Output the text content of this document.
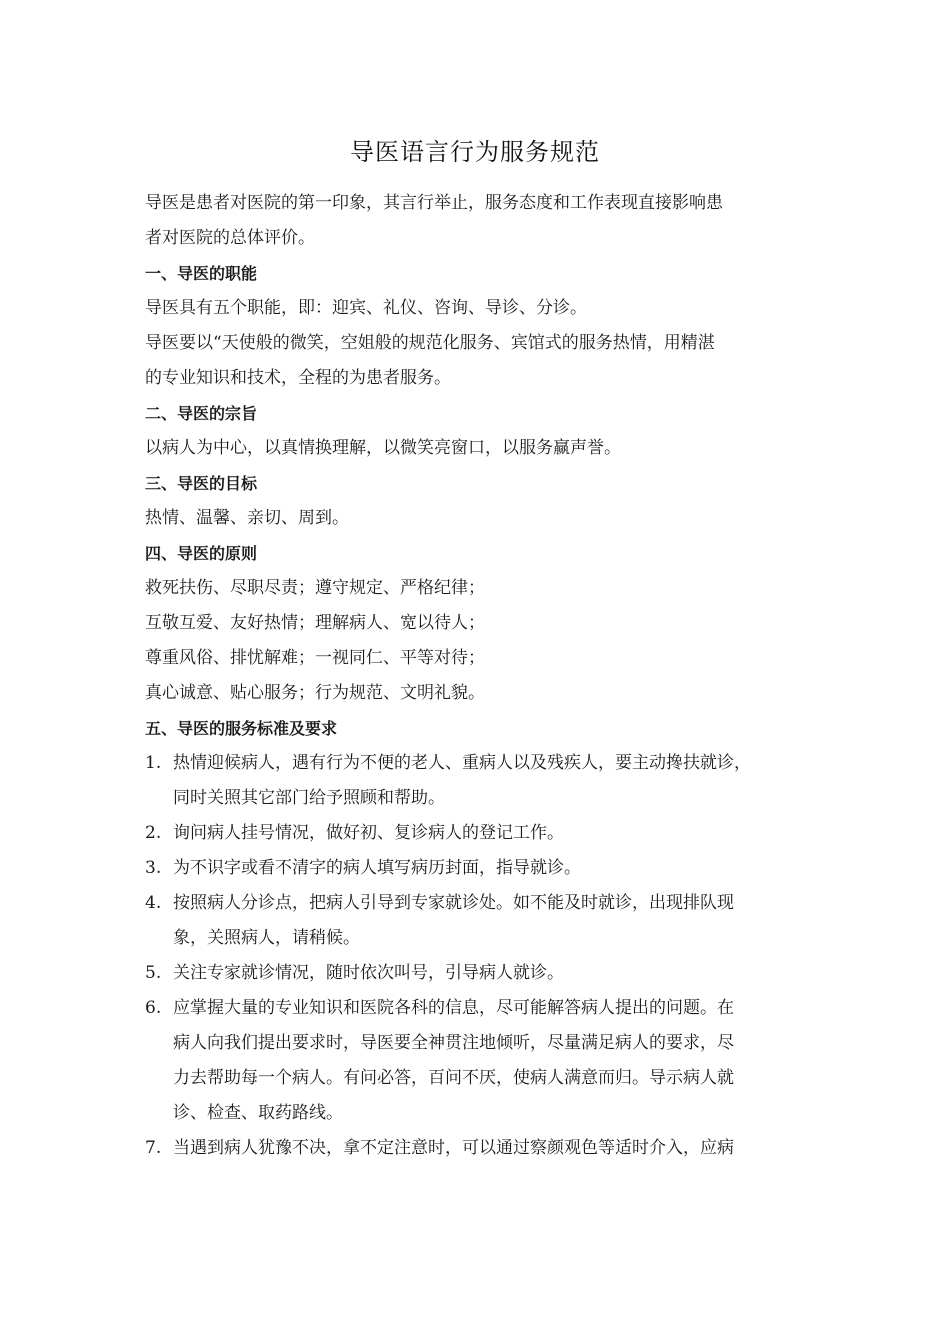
导医语言行为服务规范
导医是患者对医院的第一印象，其言行举止，服务态度和工作表现直接影响患
者对医院的总体评价。
一、导医的职能
导医具有五个职能，即：迎宾、礼仪、咨询、导诊、分诊。
导医要以“天使般的微笑，空姐般的规范化服务、宾馆式的服务热情，用精湛
的专业知识和技术，全程的为患者服务。
二、导医的宗旨
以病人为中心，以真情换理解，以微笑亮窗口，以服务赢声誉。
三、导医的目标
热情、温馨、亲切、周到。
四、导医的原则
救死扶伤、尽职尽责；遵守规定、严格纪律；
互敬互爱、友好热情；理解病人、宽以待人；
尊重风俗、排忧解难；一视同仁、平等对待；
真心诚意、贴心服务；行为规范、文明礼貌。
五、导医的服务标准及要求
1. 热情迎候病人，遇有行为不便的老人、重病人以及残疾人，要主动搀扶就诊，
同时关照其它部门给予照顾和帮助。
2. 询问病人挂号情况，做好初、复诊病人的登记工作。
3. 为不识字或看不清字的病人填写病历封面，指导就诊。
4. 按照病人分诊点，把病人引导到专家就诊处。如不能及时就诊，出现排队现
象，关照病人，请稍候。
5. 关注专家就诊情况，随时依次叫号，引导病人就诊。
6. 应掌握大量的专业知识和医院各科的信息，尽可能解答病人提出的问题。在
病人向我们提出要求时，导医要全神贯注地倾听，尽量满足病人的要求，尽
力去帮助每一个病人。有问必答，百问不厌，使病人满意而归。导示病人就
诊、检查、取药路线。
7. 当遇到病人犹豫不决，拿不定注意时，可以通过察颜观色等适时介入，应病
